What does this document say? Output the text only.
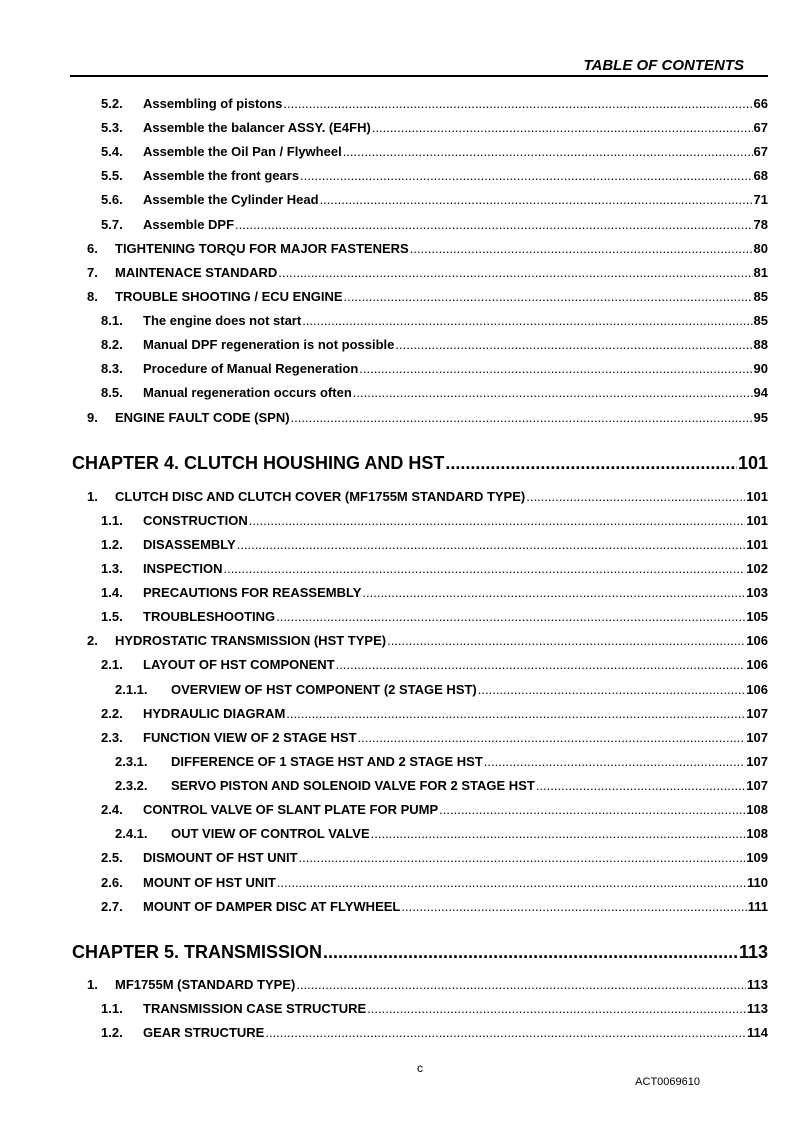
TABLE OF CONTENTS
5.2.	Assembling of pistons .....	66
5.3.	Assemble the balancer ASSY. (E4FH) .....	67
5.4.	Assemble the Oil Pan / Flywheel .....	67
5.5.	Assemble the front gears .....	68
5.6.	Assemble the Cylinder Head .....	71
5.7.	Assemble DPF .....	78
6.	TIGHTENING TORQU FOR MAJOR FASTENERS .....	80
7.	MAINTENACE STANDARD .....	81
8.	TROUBLE SHOOTING / ECU ENGINE .....	85
8.1.	The engine does not start .....	85
8.2.	Manual DPF regeneration is not possible .....	88
8.3.	Procedure of Manual Regeneration .....	90
8.5.	Manual regeneration occurs often .....	94
9.	ENGINE FAULT CODE (SPN) .....	95
CHAPTER 4. CLUTCH HOUSHING AND HST .....	101
1.	CLUTCH DISC AND CLUTCH COVER (MF1755M STANDARD TYPE) .....	101
1.1.	CONSTRUCTION .....	101
1.2.	DISASSEMBLY .....	101
1.3.	INSPECTION .....	102
1.4.	PRECAUTIONS FOR REASSEMBLY .....	103
1.5.	TROUBLESHOOTING .....	105
2.	HYDROSTATIC TRANSMISSION (HST TYPE) .....	106
2.1.	LAYOUT OF HST COMPONENT .....	106
2.1.1.	OVERVIEW OF HST COMPONENT (2 STAGE HST) .....	106
2.2.	HYDRAULIC DIAGRAM .....	107
2.3.	FUNCTION VIEW OF 2 STAGE HST .....	107
2.3.1.	DIFFERENCE OF 1 STAGE HST AND 2 STAGE HST .....	107
2.3.2.	SERVO PISTON AND SOLENOID VALVE FOR 2 STAGE HST .....	107
2.4.	CONTROL VALVE OF SLANT PLATE FOR PUMP .....	108
2.4.1.	OUT VIEW OF CONTROL VALVE .....	108
2.5.	DISMOUNT OF HST UNIT .....	109
2.6.	MOUNT OF HST UNIT .....	110
2.7.	MOUNT OF DAMPER DISC AT FLYWHEEL .....	111
CHAPTER 5. TRANSMISSION .....	113
1.	MF1755M (STANDARD TYPE) .....	113
1.1.	TRANSMISSION CASE STRUCTURE .....	113
1.2.	GEAR STRUCTURE .....	114
c
ACT0069610
